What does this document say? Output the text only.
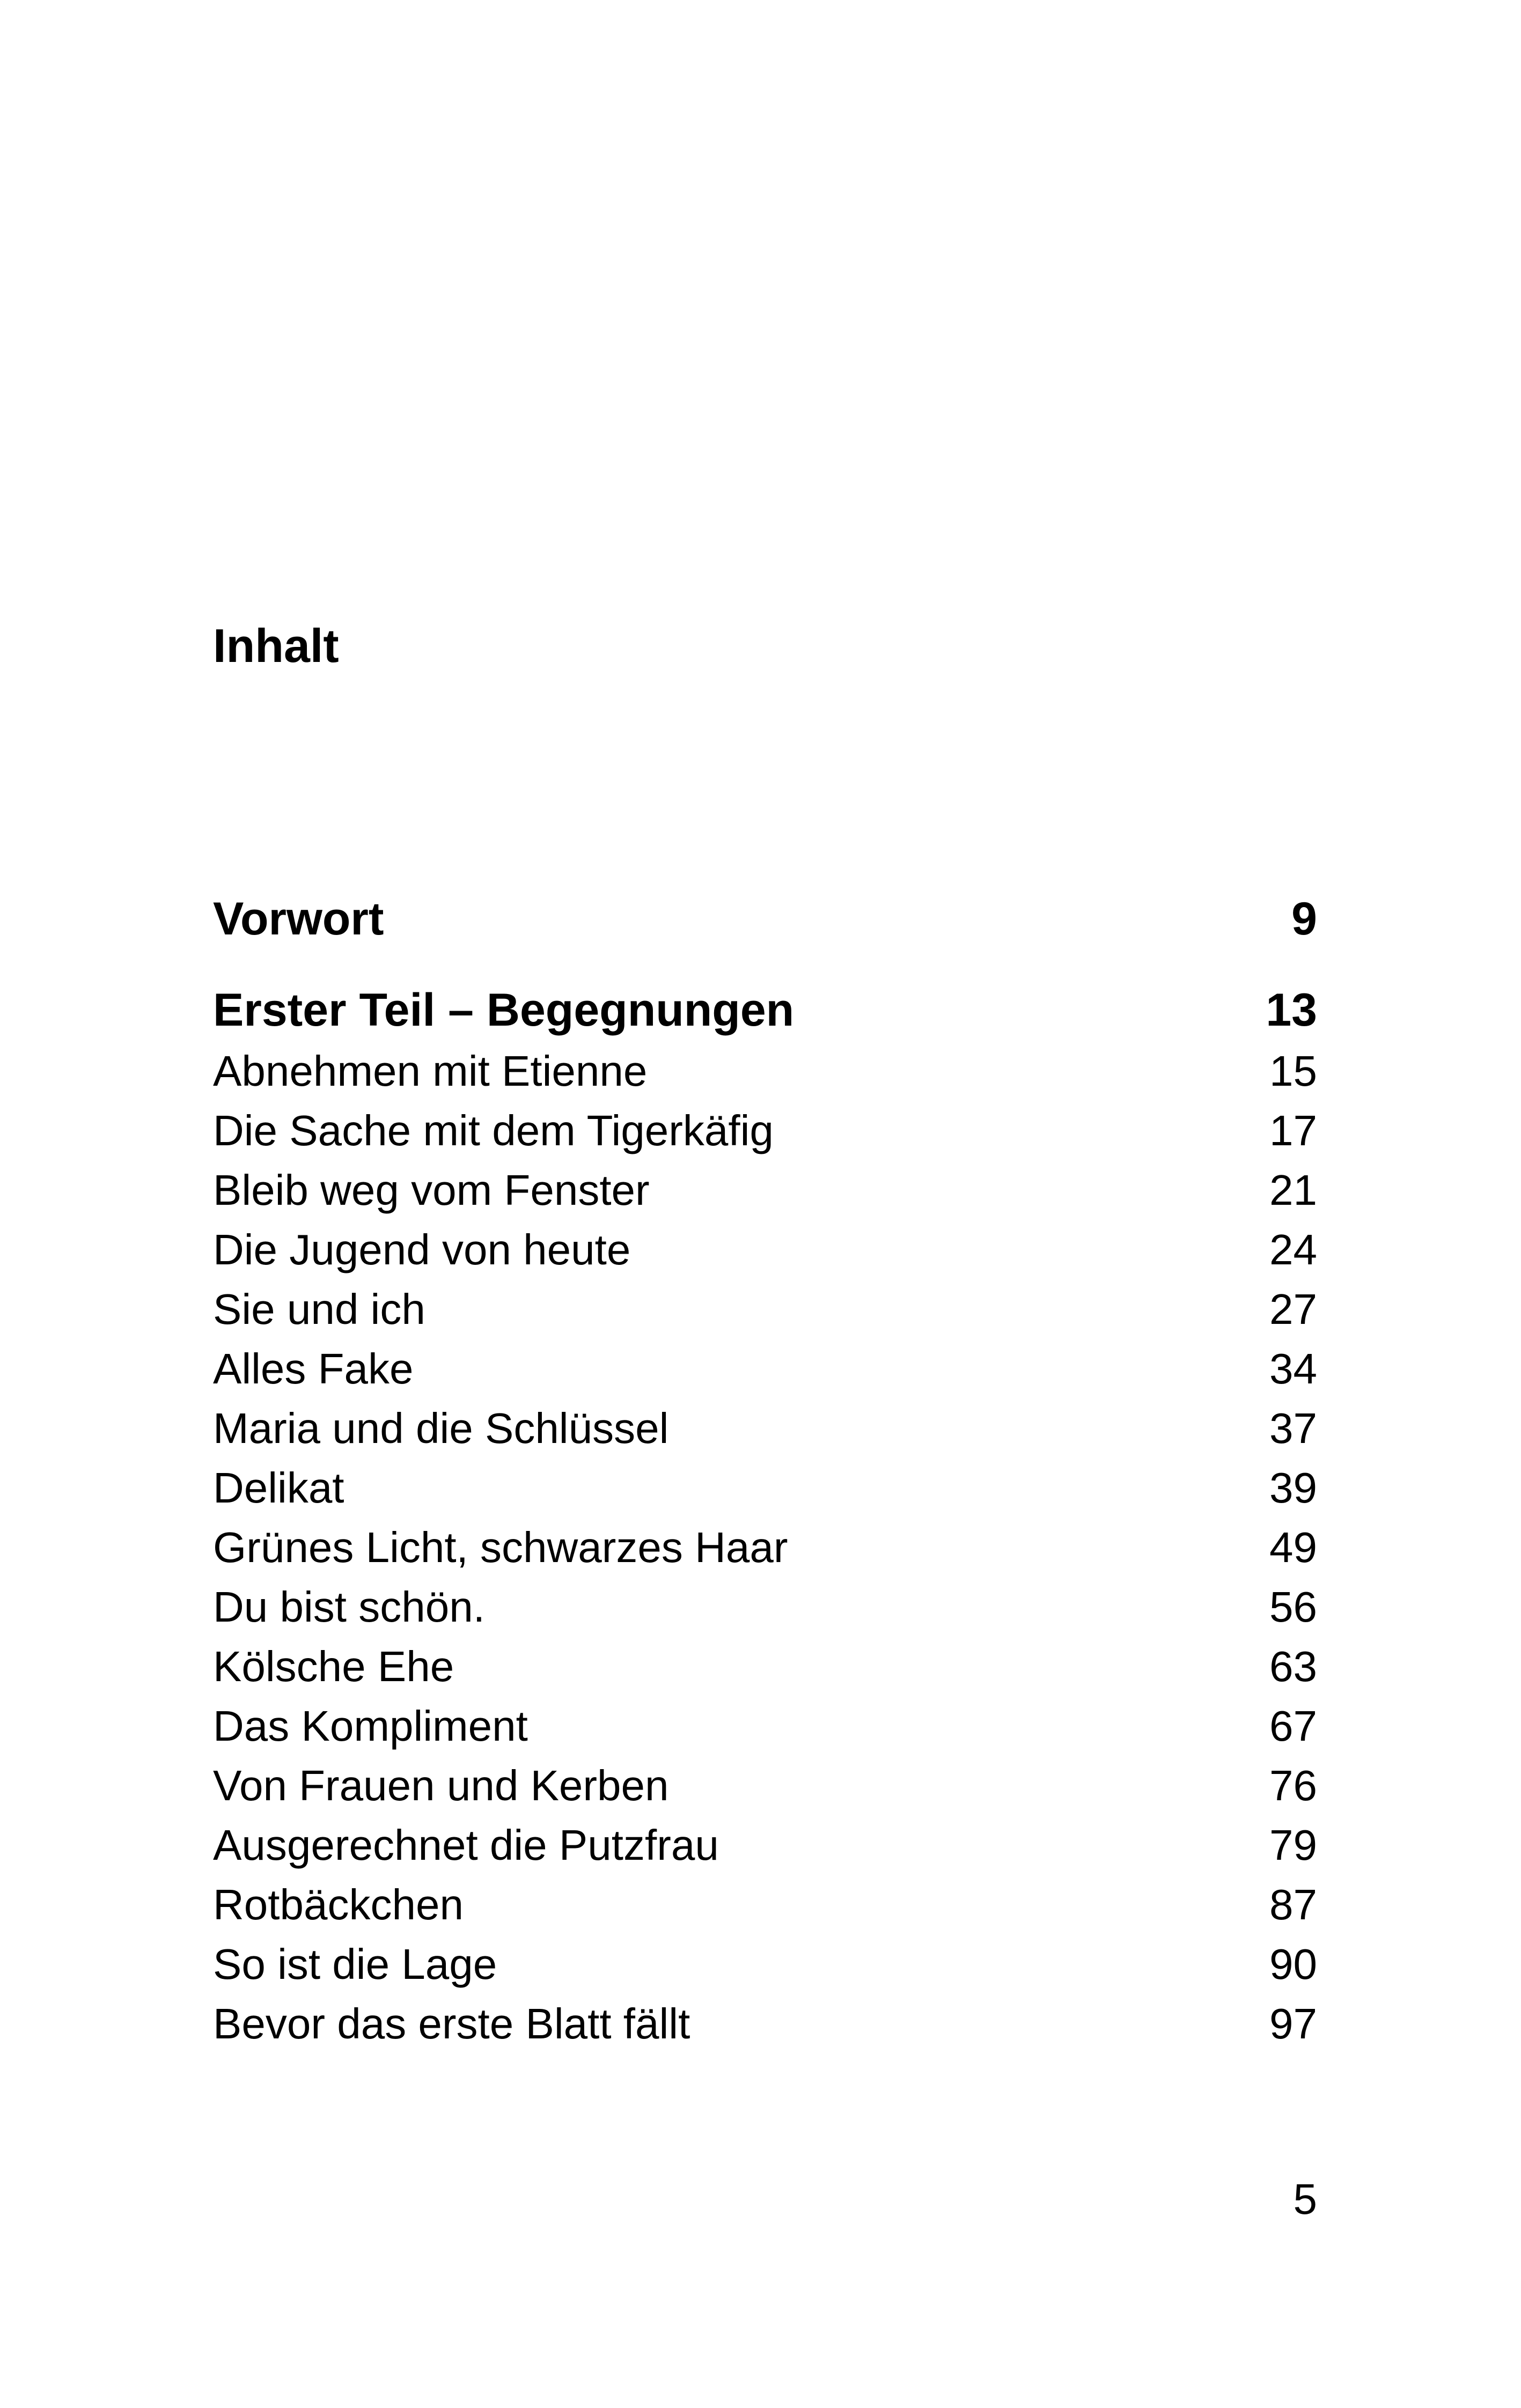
Inhalt
Vorwort	9
Erster Teil – Begegnungen	13
Abnehmen mit Etienne	15
Die Sache mit dem Tigerkäfig	17
Bleib weg vom Fenster	21
Die Jugend von heute	24
Sie und ich	27
Alles Fake	34
Maria und die Schlüssel	37
Delikat	39
Grünes Licht, schwarzes Haar	49
Du bist schön.	56
Kölsche Ehe	63
Das Kompliment	67
Von Frauen und Kerben	76
Ausgerechnet die Putzfrau	79
Rotbäckchen	87
So ist die Lage	90
Bevor das erste Blatt fällt	97
5
